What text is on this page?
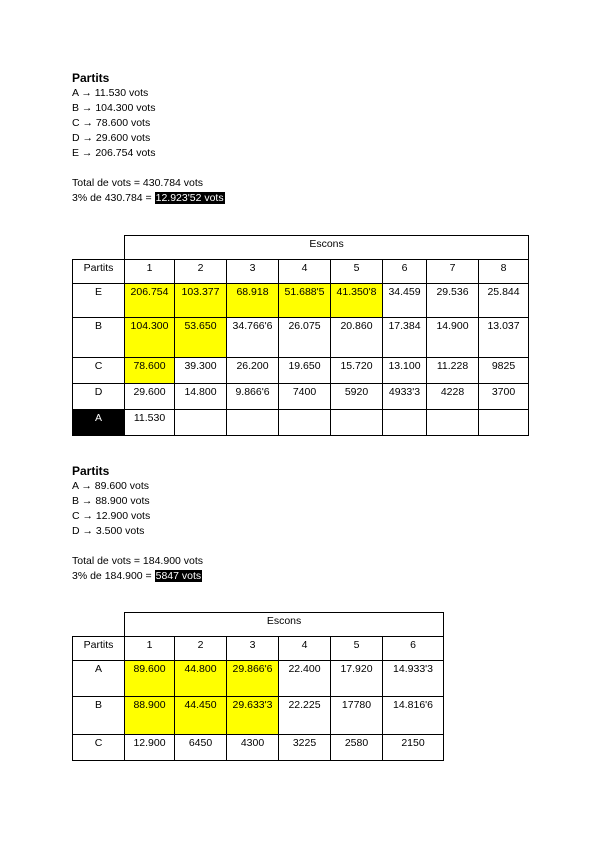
Partits
A → 11.530 vots
B → 104.300 vots
C → 78.600 vots
D → 29.600 vots
E → 206.754 vots
Total de vots = 430.784 vots
3% de 430.784 = 12.923'52 vots
	Escons							
Partits	1	2	3	4	5	6	7	8
E	206.754	103.377	68.918	51.688'5	41.350'8	34.459	29.536	25.844
B	104.300	53.650	34.766'6	26.075	20.860	17.384	14.900	13.037
C	78.600	39.300	26.200	19.650	15.720	13.100	11.228	9825
D	29.600	14.800	9.866'6	7400	5920	4933'3	4228	3700
A	11.530							
Partits
A → 89.600 vots
B → 88.900 vots
C → 12.900 vots
D → 3.500 vots
Total de vots = 184.900 vots
3% de 184.900 = 5847 vots
	Escons					
Partits	1	2	3	4	5	6
A	89.600	44.800	29.866'6	22.400	17.920	14.933'3
B	88.900	44.450	29.633'3	22.225	17780	14.816'6
C	12.900	6450	4300	3225	2580	2150
